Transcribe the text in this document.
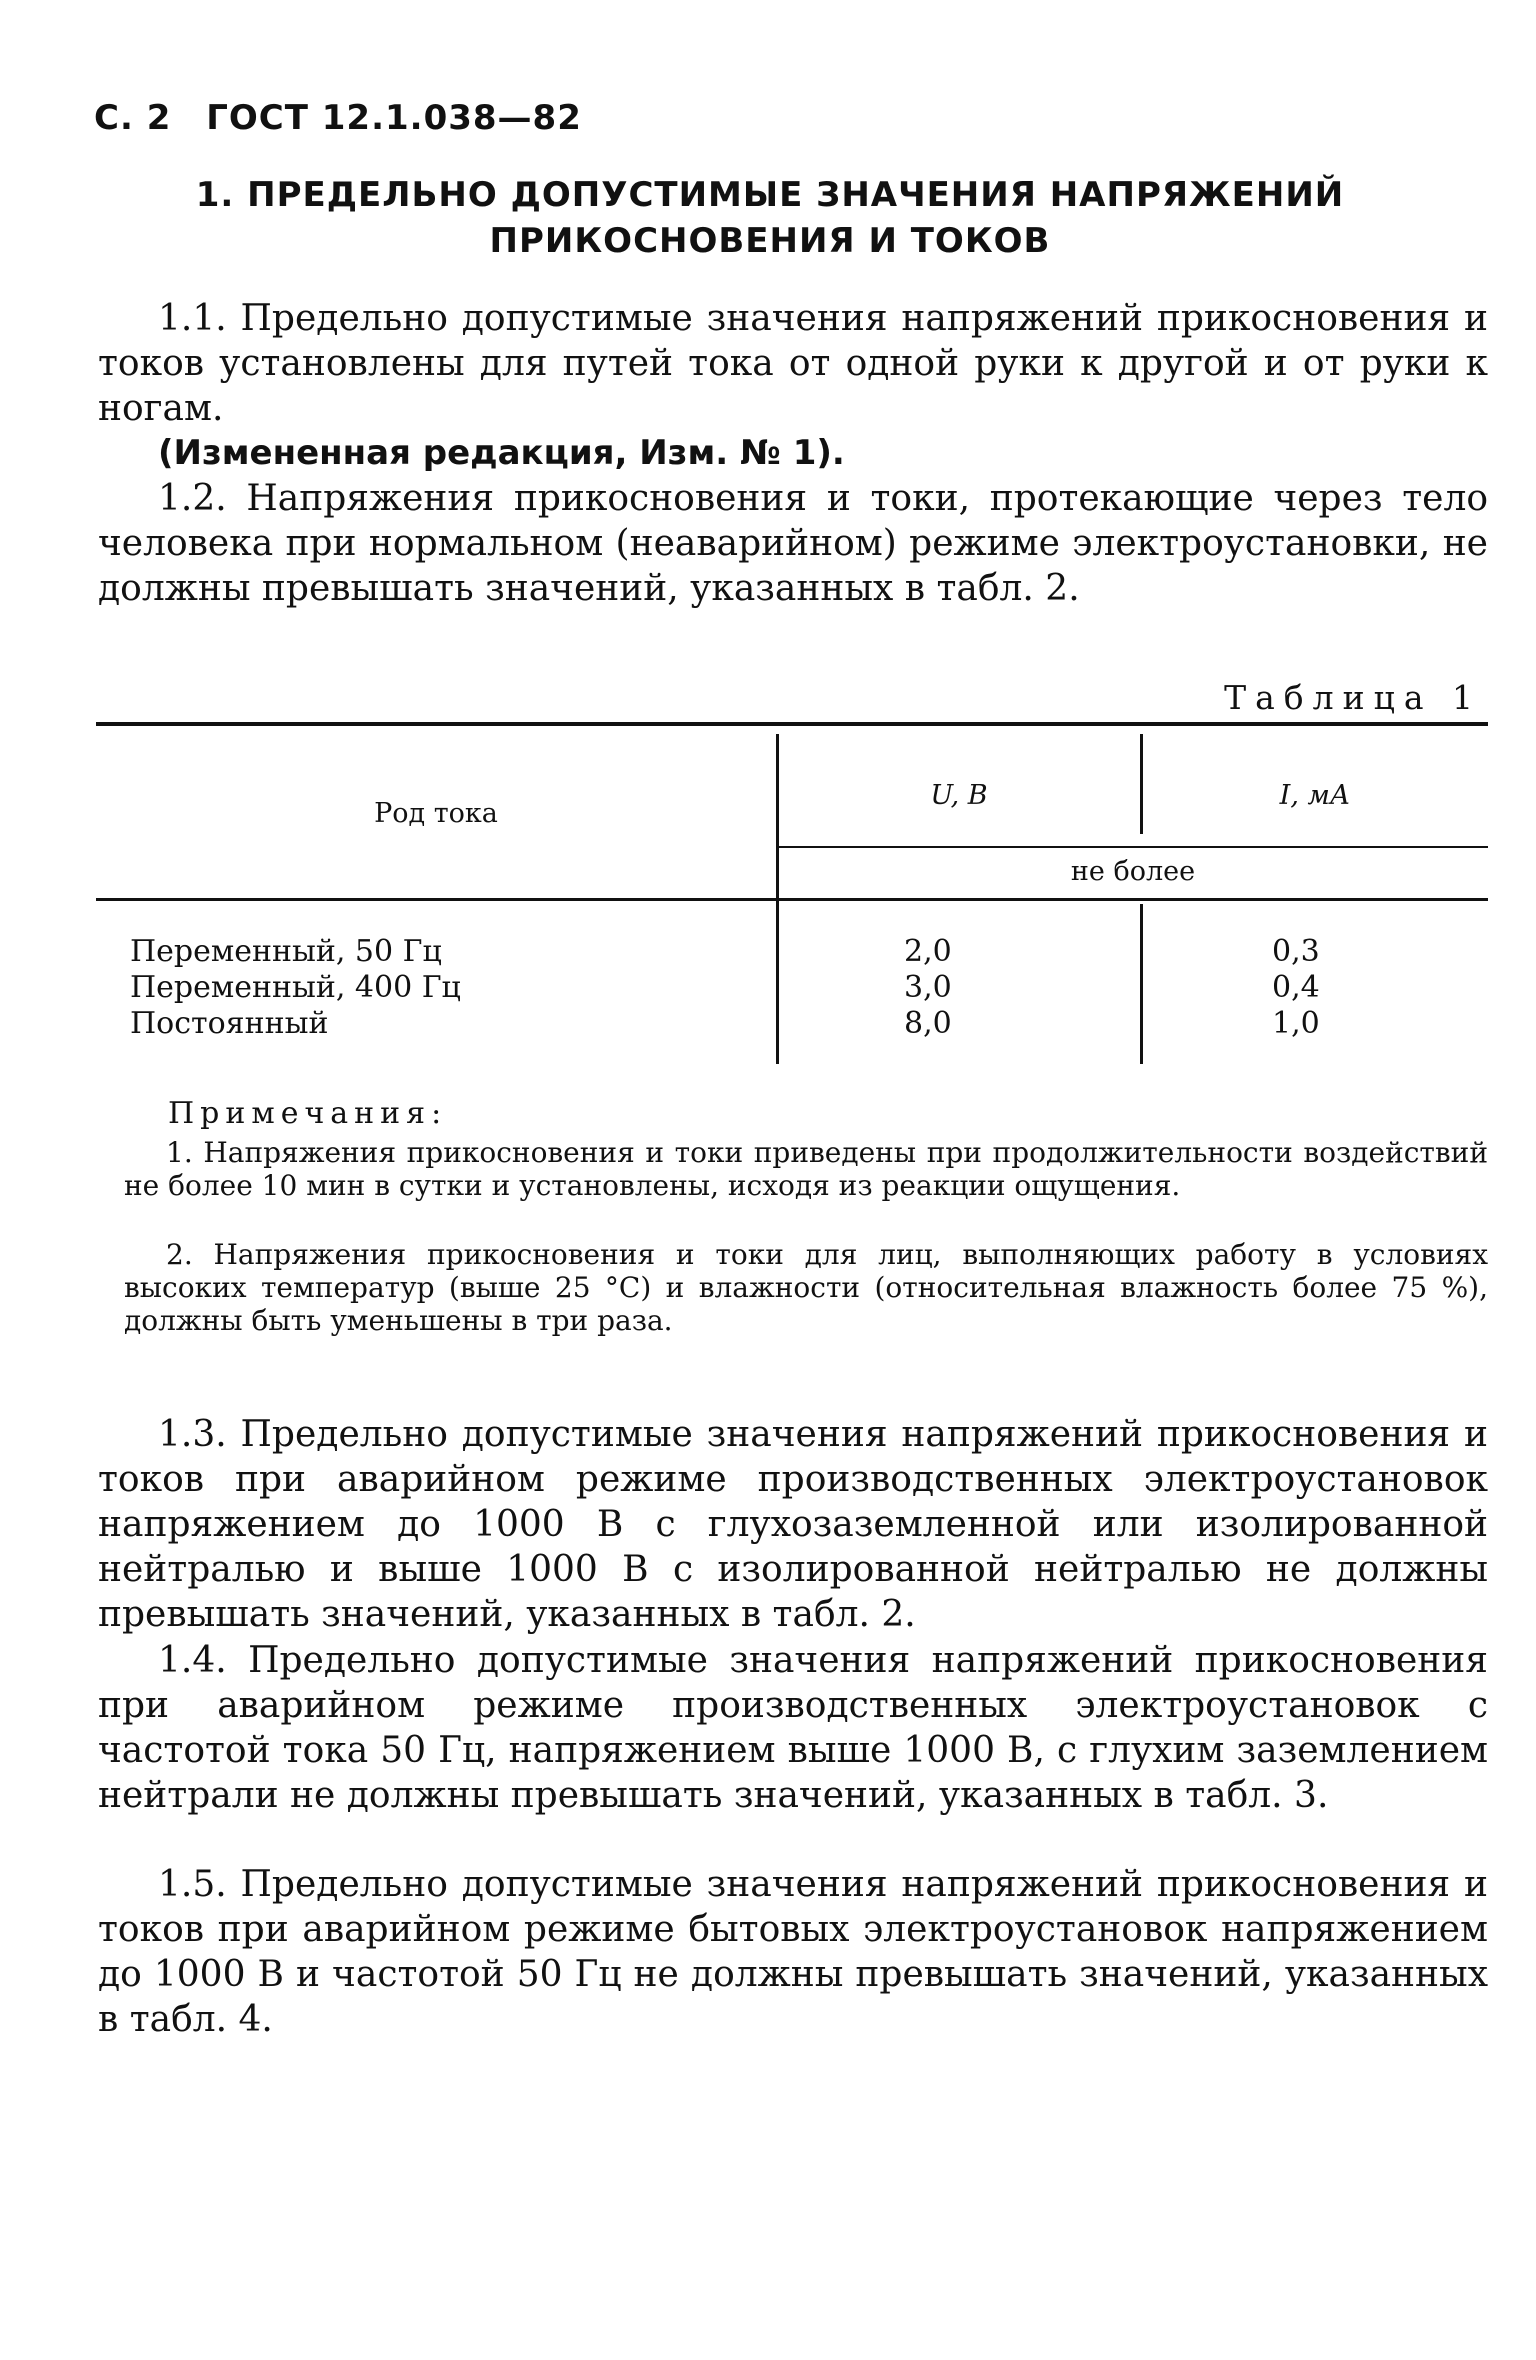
С. 2 ГОСТ 12.1.038—82
1. ПРЕДЕЛЬНО ДОПУСТИМЫЕ ЗНАЧЕНИЯ НАПРЯЖЕНИЙ
ПРИКОСНОВЕНИЯ И ТОКОВ
1.1. Предельно допустимые значения напряжений прикосновения и токов установлены для путей тока от одной руки к другой и от руки к ногам.
(Измененная редакция, Изм. № 1).
1.2. Напряжения прикосновения и токи, протекающие через тело человека при нормальном (неаварийном) режиме электроустановки, не должны превышать значений, указанных в табл. 2.
Таблица 1
Род тока
U, В	I, мА
не более
Переменный, 50 Гц	2,0	0,3
Переменный, 400 Гц	3,0	0,4
Постоянный	8,0	1,0
Примечания:
1. Напряжения прикосновения и токи приведены при продолжительности воздействий не более 10 мин в сутки и установлены, исходя из реакции ощущения.
2. Напряжения прикосновения и токи для лиц, выполняющих работу в условиях высоких температур (выше 25 °С) и влажности (относительная влажность более 75 %), должны быть уменьшены в три раза.
1.3. Предельно допустимые значения напряжений прикосновения и токов при аварийном режиме производственных электроустановок напряжением до 1000 В с глухозаземленной или изолированной нейтралью и выше 1000 В с изолированной нейтралью не должны превышать значений, указанных в табл. 2.
1.4. Предельно допустимые значения напряжений прикосновения при аварийном режиме производственных электроустановок с частотой тока 50 Гц, напряжением выше 1000 В, с глухим заземлением нейтрали не должны превышать значений, указанных в табл. 3.
1.5. Предельно допустимые значения напряжений прикосновения и токов при аварийном режиме бытовых электроустановок напряжением до 1000 В и частотой 50 Гц не должны превышать значений, указанных в табл. 4.
